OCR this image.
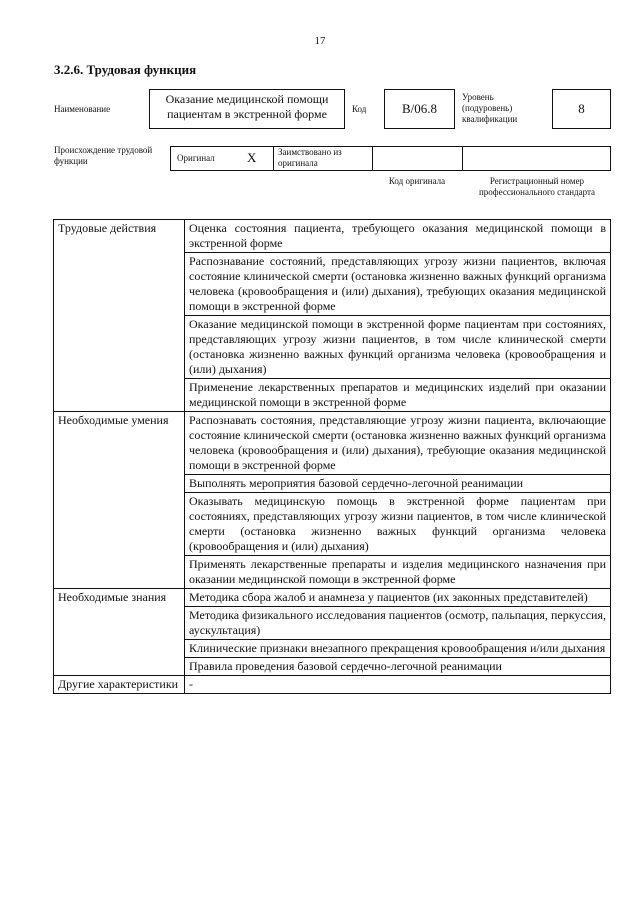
17
3.2.6. Трудовая функция
Наименование
Оказание медицинской помощи пациентам в экстренной форме	Код	B/06.8
Уровень (подуровень) квалификации
8
Происхождение трудовой функции	Оригинал X Заимствовано из оригинала
Код оригинала	Регистрационный номер профессионального стандарта
Трудовые действия	Оценка состояния пациента, требующего оказания медицинской помощи в экстренной форме
	Распознавание состояний, представляющих угрозу жизни пациентов, включая состояние клинической смерти (остановка жизненно важных функций организма человека (кровообращения и (или) дыхания), требующих оказания медицинской помощи в экстренной форме
	Оказание медицинской помощи в экстренной форме пациентам при состояниях, представляющих угрозу жизни пациентов, в том числе клинической смерти (остановка жизненно важных функций организма человека (кровообращения и (или) дыхания)
	Применение лекарственных препаратов и медицинских изделий при оказании медицинской помощи в экстренной форме
Необходимые умения	Распознавать состояния, представляющие угрозу жизни пациента, включающие состояние клинической смерти (остановка жизненно важных функций организма человека (кровообращения и (или) дыхания), требующие оказания медицинской помощи в экстренной форме
	Выполнять мероприятия базовой сердечно-легочной реанимации
	Оказывать медицинскую помощь в экстренной форме пациентам при состояниях, представляющих угрозу жизни пациентов, в том числе клинической смерти (остановка жизненно важных функций организма человека (кровообращения и (или) дыхания)
	Применять лекарственные препараты и изделия медицинского назначения при оказании медицинской помощи в экстренной форме
Необходимые знания	Методика сбора жалоб и анамнеза у пациентов (их законных представителей)
	Методика физикального исследования пациентов (осмотр, пальпация, перкуссия, аускультация)
	Клинические признаки внезапного прекращения кровообращения и/или дыхания
	Правила проведения базовой сердечно-легочной реанимации
Другие характеристики	-
